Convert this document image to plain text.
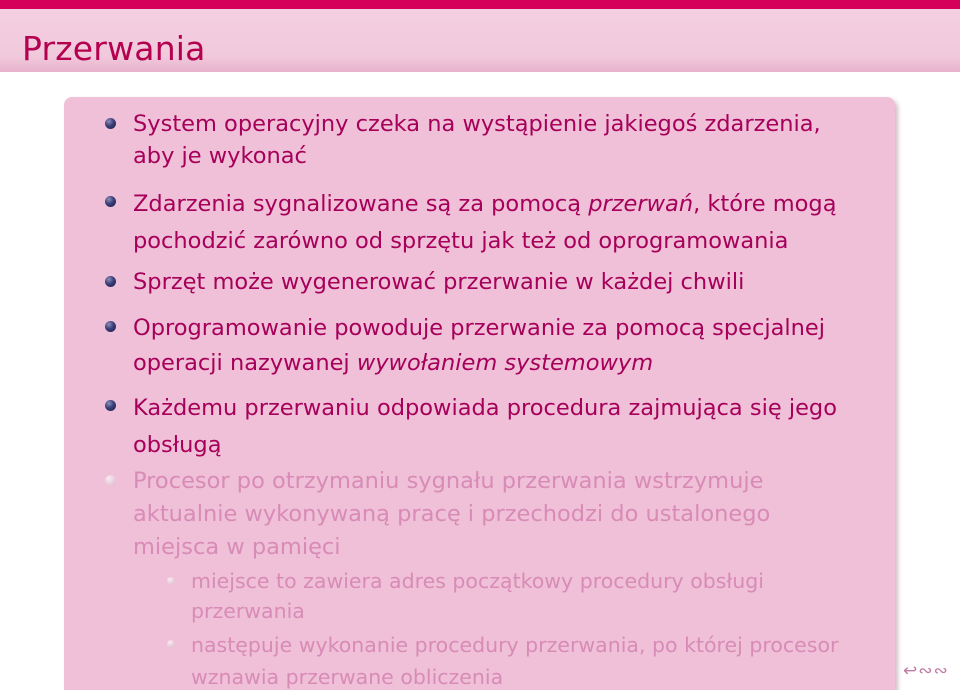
Przerwania
System operacyjny czeka na wystąpienie jakiegoś zdarzenia,
aby je wykonać
Zdarzenia sygnalizowane są za pomocą przerwań, które mogą
pochodzić zarówno od sprzętu jak też od oprogramowania
Sprzęt może wygenerować przerwanie w każdej chwili
Oprogramowanie powoduje przerwanie za pomocą specjalnej
operacji nazywanej wywołaniem systemowym
Każdemu przerwaniu odpowiada procedura zajmująca się jego
obsługą
Procesor po otrzymaniu sygnału przerwania wstrzymuje
aktualnie wykonywaną pracę i przechodzi do ustalonego
miejsca w pamięci
miejsce to zawiera adres początkowy procedury obsługi
przerwania
następuje wykonanie procedury przerwania, po której procesor
wznawia przerwane obliczenia	↩∾∾
